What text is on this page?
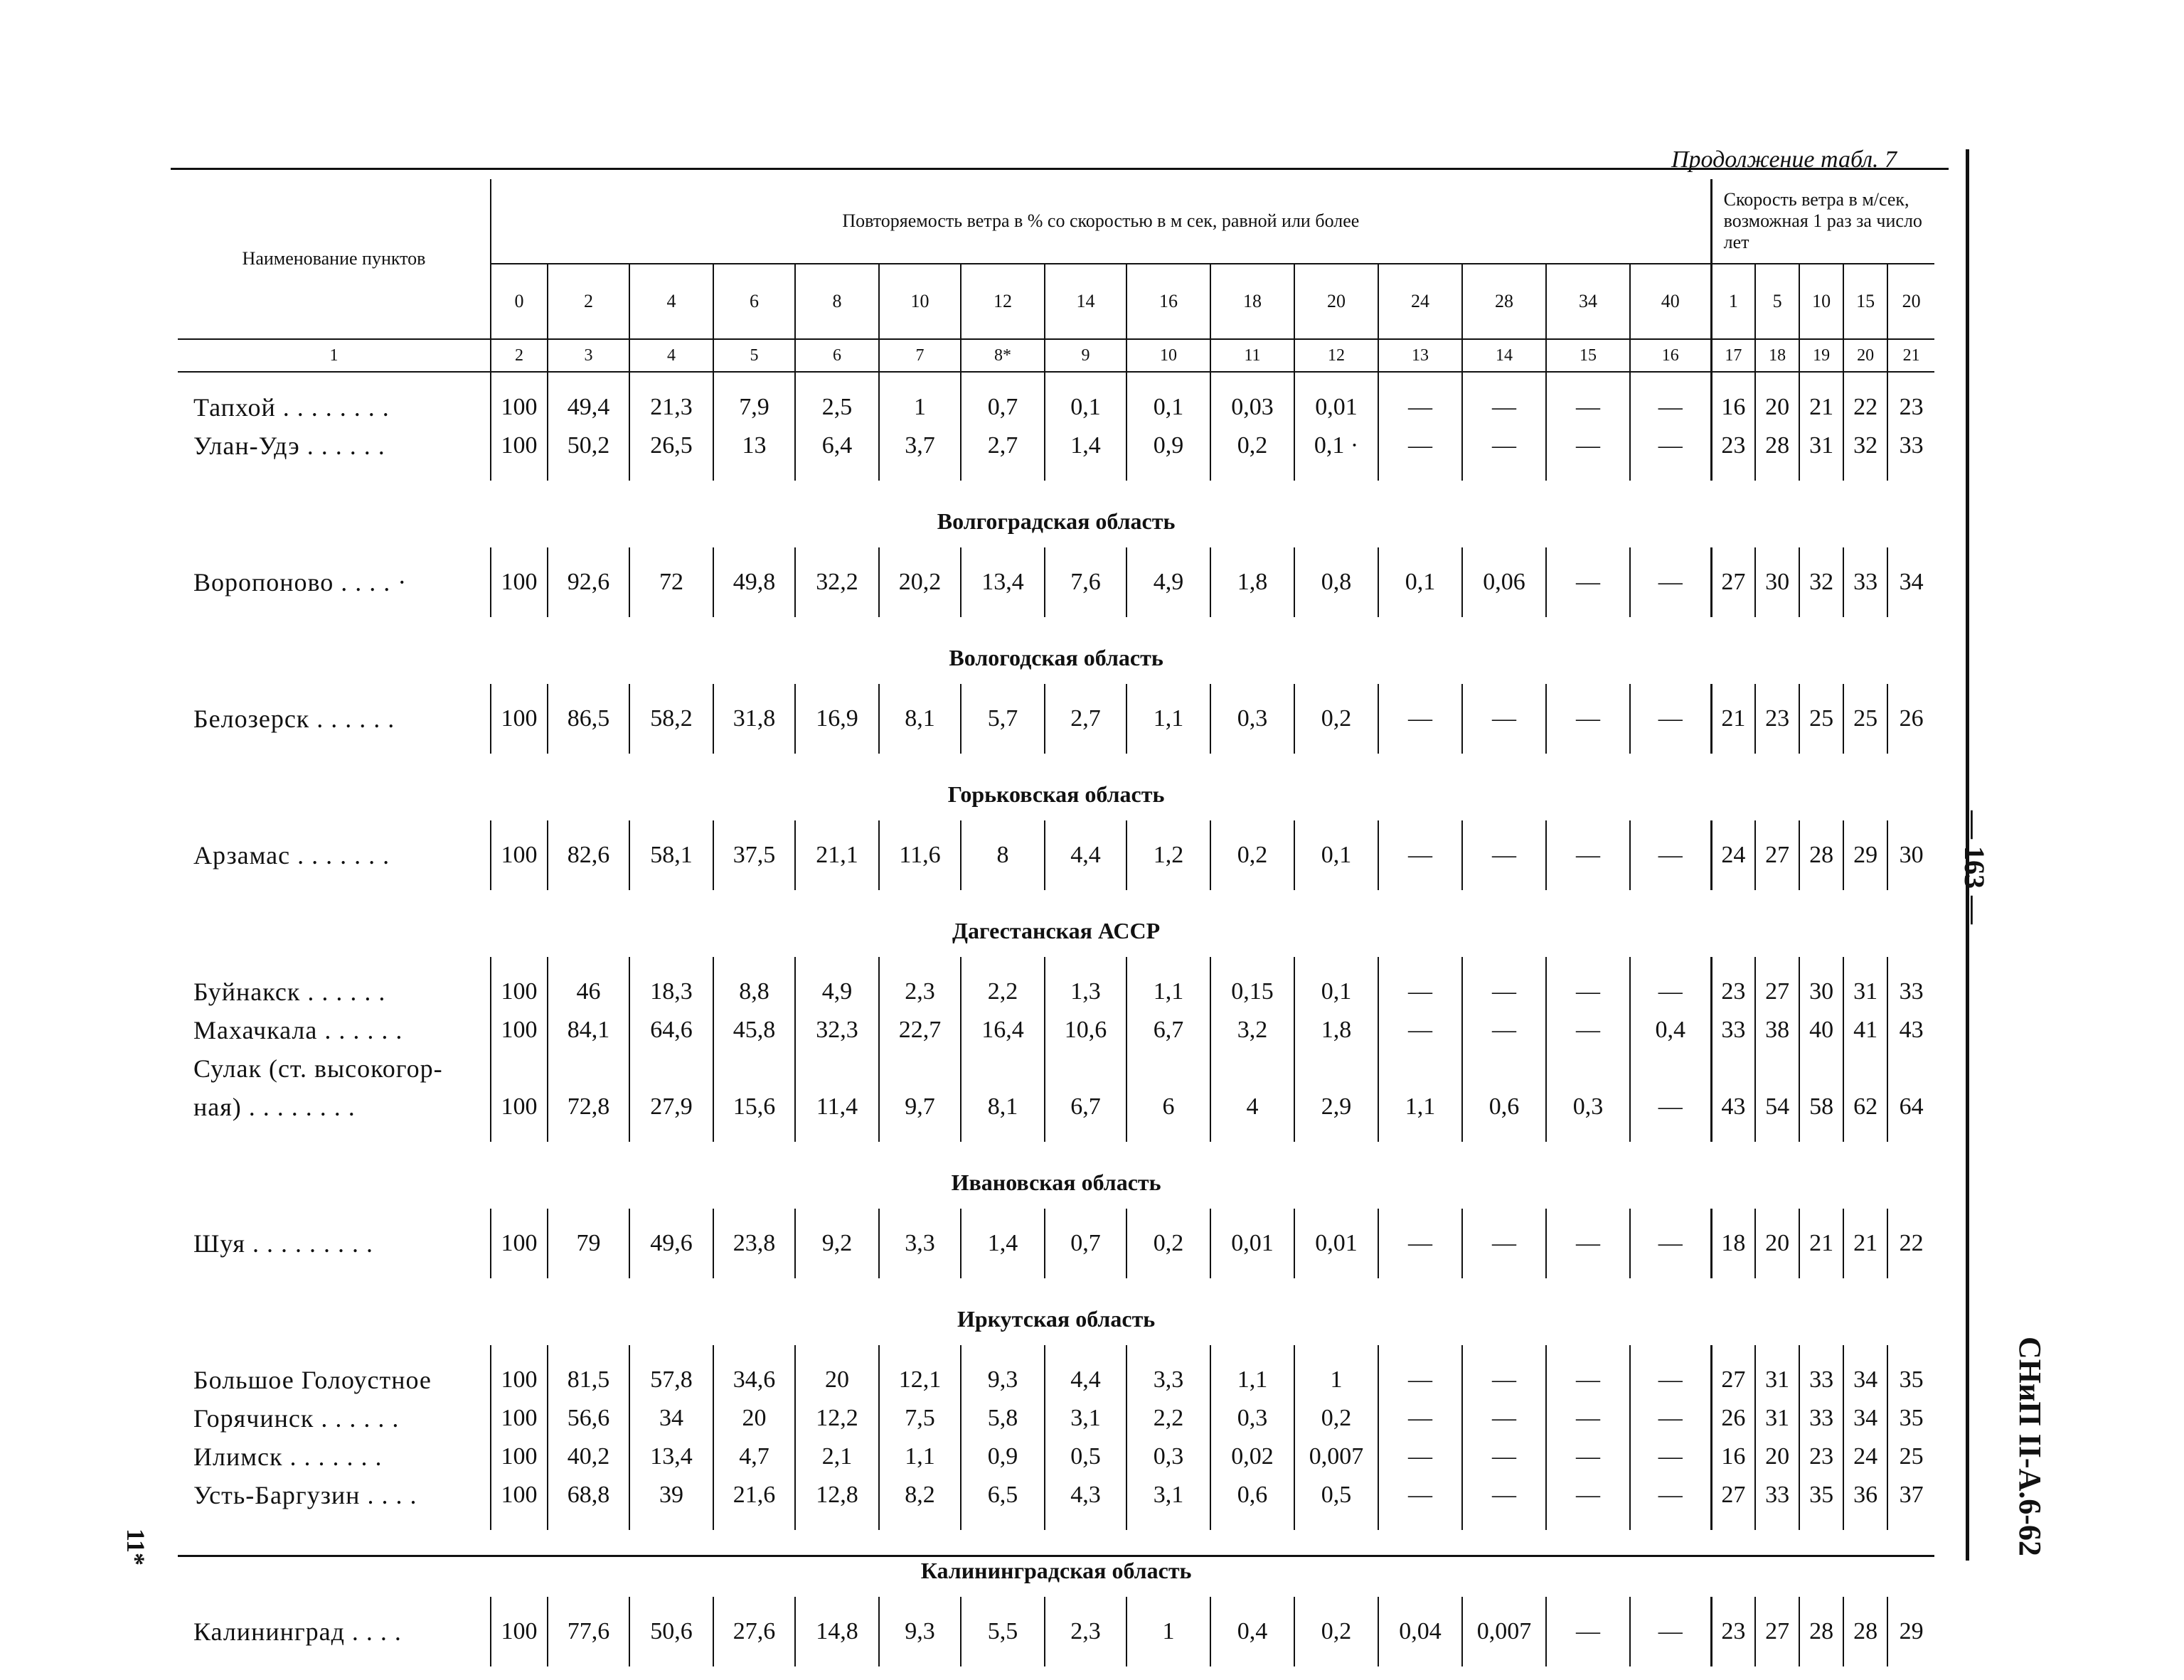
Продолжение табл. 7
Наименование пунктов	Повторяемость ветра в % со скоростью в м сек, равной или более															Скорость ветра в м/сек, возможная 1 раз за число лет				
	0	2	4	6	8	10	12	14	16	18	20	24	28	34	40	1	5	10	15	20
1	2	3	4	5	6	7	8*	9	10	11	12	13	14	15	16	17	18	19	20	21

Тапхой . . . . . . . .	100	49,4	21,3	7,9	2,5	1	0,7	0,1	0,1	0,03	0,01	—	—	—	—	16	20	21	22	23
Улан-Удэ . . . . . .	100	50,2	26,5	13	6,4	3,7	2,7	1,4	0,9	0,2	0,1 ·	—	—	—	—	23	28	31	32	33

Волгоградская область																				

Воропоново . . . . ·	100	92,6	72	49,8	32,2	20,2	13,4	7,6	4,9	1,8	0,8	0,1	0,06	—	—	27	30	32	33	34

Вологодская область																				

Белозерск . . . . . .	100	86,5	58,2	31,8	16,9	8,1	5,7	2,7	1,1	0,3	0,2	—	—	—	—	21	23	25	25	26

Горьковская область																				

Арзамас . . . . . . .	100	82,6	58,1	37,5	21,1	11,6	8	4,4	1,2	0,2	0,1	—	—	—	—	24	27	28	29	30

Дагестанская АССР																				

Буйнакск . . . . . .	100	46	18,3	8,8	4,9	2,3	2,2	1,3	1,1	0,15	0,1	—	—	—	—	23	27	30	31	33
Махачкала . . . . . .	100	84,1	64,6	45,8	32,3	22,7	16,4	10,6	6,7	3,2	1,8	—	—	—	0,4	33	38	40	41	43
Сулак (ст. высокогор-																				
ная) . . . . . . . .	100	72,8	27,9	15,6	11,4	9,7	8,1	6,7	6	4	2,9	1,1	0,6	0,3	—	43	54	58	62	64

Ивановская область																				

Шуя . . . . . . . . .	100	79	49,6	23,8	9,2	3,3	1,4	0,7	0,2	0,01	0,01	—	—	—	—	18	20	21	21	22

Иркутская область																				

Большое Голоустное	100	81,5	57,8	34,6	20	12,1	9,3	4,4	3,3	1,1	1	—	—	—	—	27	31	33	34	35
Горячинск . . . . . .	100	56,6	34	20	12,2	7,5	5,8	3,1	2,2	0,3	0,2	—	—	—	—	26	31	33	34	35
Илимск . . . . . . .	100	40,2	13,4	4,7	2,1	1,1	0,9	0,5	0,3	0,02	0,007	—	—	—	—	16	20	23	24	25
Усть-Баргузин . . . .	100	68,8	39	21,6	12,8	8,2	6,5	4,3	3,1	0,6	0,5	—	—	—	—	27	33	35	36	37

Калининградская область																				

Калининград . . . .	100	77,6	50,6	27,6	14,8	9,3	5,5	2,3	1	0,4	0,2	0,04	0,007	—	—	23	27	28	28	29

— 163 —
СНиП II-А.6-62
11*
